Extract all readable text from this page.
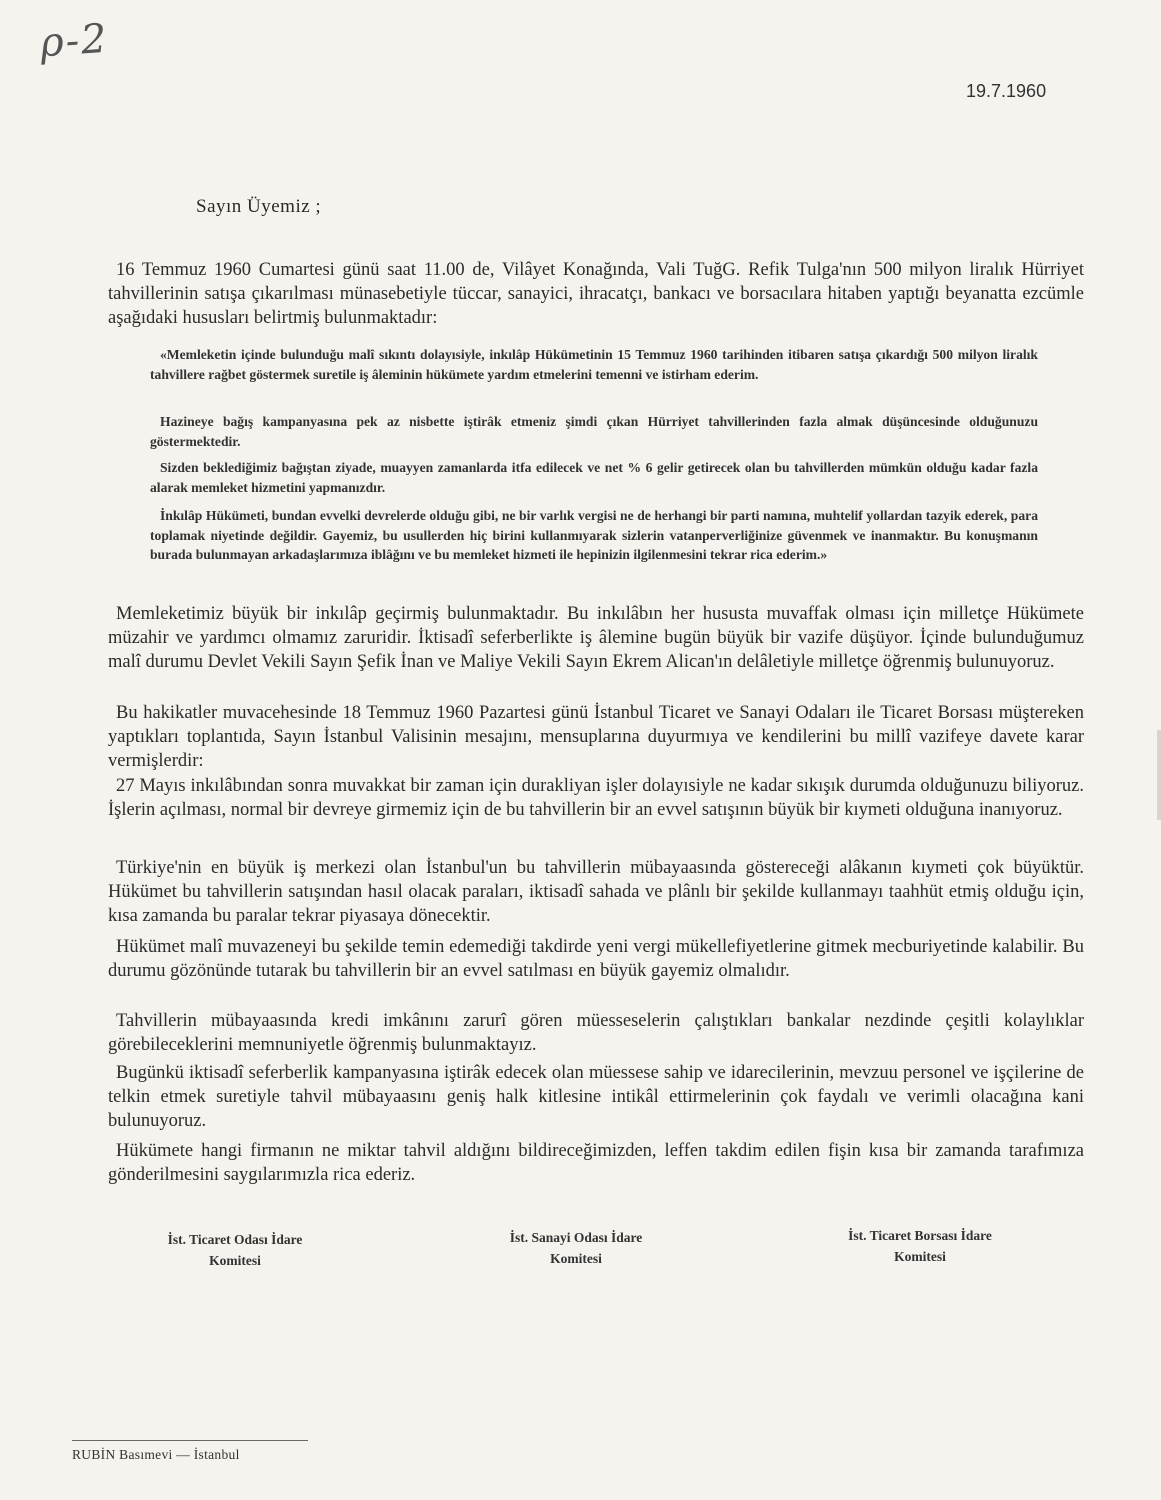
ρ-2
19.7.1960
Sayın Üyemiz ;
16 Temmuz 1960 Cumartesi günü saat 11.00 de, Vilâyet Konağında, Vali TuğG. Refik Tulga'nın 500 milyon liralık Hürriyet tahvillerinin satışa çıkarılması münasebetiyle tüccar, sanayici, ihracatçı, bankacı ve borsacılara hitaben yaptığı beyanatta ezcümle aşağıdaki hususları belirtmiş bulunmaktadır:
«Memleketin içinde bulunduğu malî sıkıntı dolayısiyle, inkılâp Hükümetinin 15 Temmuz 1960 tarihinden itibaren satışa çıkardığı 500 milyon liralık tahvillere rağbet göstermek suretile iş âleminin hükümete yardım etmelerini temenni ve istirham ederim.
Hazineye bağış kampanyasına pek az nisbette iştirâk etmeniz şimdi çıkan Hürriyet tahvillerinden fazla almak düşüncesinde olduğunuzu göstermektedir.
Sizden beklediğimiz bağıştan ziyade, muayyen zamanlarda itfa edilecek ve net % 6 gelir getirecek olan bu tahvillerden mümkün olduğu kadar fazla alarak memleket hizmetini yapmanızdır.
İnkılâp Hükümeti, bundan evvelki devrelerde olduğu gibi, ne bir varlık vergisi ne de herhangi bir parti namına, muhtelif yollardan tazyik ederek, para toplamak niyetinde değildir. Gayemiz, bu usullerden hiç birini kullanmıyarak sizlerin vatanperverliğinize güvenmek ve inanmaktır. Bu konuşmanın burada bulunmayan arkadaşlarımıza iblâğını ve bu memleket hizmeti ile hepinizin ilgilenmesini tekrar rica ederim.»
Memleketimiz büyük bir inkılâp geçirmiş bulunmaktadır. Bu inkılâbın her hususta muvaffak olması için milletçe Hükümete müzahir ve yardımcı olmamız zaruridir. İktisadî seferberlikte iş âlemine bugün büyük bir vazife düşüyor. İçinde bulunduğumuz malî durumu Devlet Vekili Sayın Şefik İnan ve Maliye Vekili Sayın Ekrem Alican'ın delâletiyle milletçe öğrenmiş bulunuyoruz.
Bu hakikatler muvacehesinde 18 Temmuz 1960 Pazartesi günü İstanbul Ticaret ve Sanayi Odaları ile Ticaret Borsası müştereken yaptıkları toplantıda, Sayın İstanbul Valisinin mesajını, mensuplarına duyurmıya ve kendilerini bu millî vazifeye davete karar vermişlerdir:
27 Mayıs inkılâbından sonra muvakkat bir zaman için durakliyan işler dolayısiyle ne kadar sıkışık durumda olduğunuzu biliyoruz. İşlerin açılması, normal bir devreye girmemiz için de bu tahvillerin bir an evvel satışının büyük bir kıymeti olduğuna inanıyoruz.
Türkiye'nin en büyük iş merkezi olan İstanbul'un bu tahvillerin mübayaasında göstereceği alâkanın kıymeti çok büyüktür. Hükümet bu tahvillerin satışından hasıl olacak paraları, iktisadî sahada ve plânlı bir şekilde kullanmayı taahhüt etmiş olduğu için, kısa zamanda bu paralar tekrar piyasaya dönecektir.
Hükümet malî muvazeneyi bu şekilde temin edemediği takdirde yeni vergi mükellefiyetlerine gitmek mecburiyetinde kalabilir. Bu durumu gözönünde tutarak bu tahvillerin bir an evvel satılması en büyük gayemiz olmalıdır.
Tahvillerin mübayaasında kredi imkânını zarurî gören müesseselerin çalıştıkları bankalar nezdinde çeşitli kolaylıklar görebileceklerini memnuniyetle öğrenmiş bulunmaktayız.
Bugünkü iktisadî seferberlik kampanyasına iştirâk edecek olan müessese sahip ve idarecilerinin, mevzuu personel ve işçilerine de telkin etmek suretiyle tahvil mübayaasını geniş halk kitlesine intikâl ettirmelerinin çok faydalı ve verimli olacağına kani bulunuyoruz.
Hükümete hangi firmanın ne miktar tahvil aldığını bildireceğimizden, leffen takdim edilen fişin kısa bir zamanda tarafımıza gönderilmesini saygılarımızla rica ederiz.
İst. Ticaret Odası İdare
Komitesi
İst. Sanayi Odası İdare
Komitesi
İst. Ticaret Borsası İdare
Komitesi
RUBİN Basımevi — İstanbul
